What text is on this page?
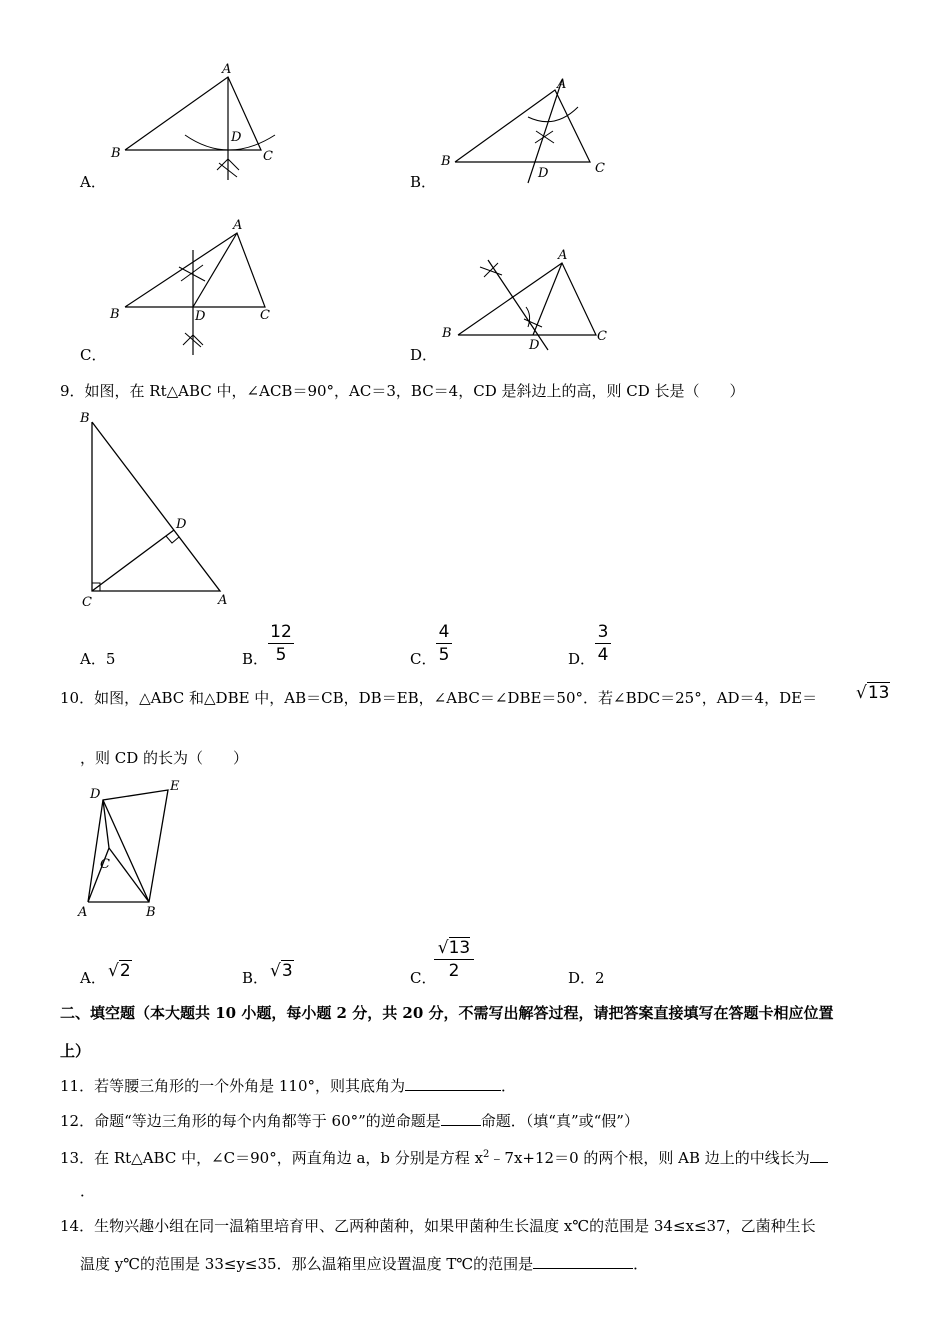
A
B	C
D
A．
A
B	C
D
B．
A
B	C
D
C．
A
B	C
D
D．
9．如图，在 Rt△ABC 中，∠ACB＝90°，AC＝3，BC＝4，CD 是斜边上的高，则 CD 长是（　　）
B
C	A
D
A．5	B．
12
5	C．
4
5	D．
3
4
10．如图，△ABC 和△DBE 中，AB＝CB，DB＝EB，∠ABC＝∠DBE＝50°．若∠BDC＝25°，AD＝4，DE＝ √13
，则 CD 的长为（　　）
D
E
C
A	B
A． √2	B． √3	C．
√13
2	D．2
二、填空题（本大题共 10 小题，每小题 2 分，共 20 分，不需写出解答过程，请把答案直接填写在答题卡相应位置
上）
11．若等腰三角形的一个外角是 110°，则其底角为	．
12．命题“等边三角形的每个内角都等于 60°”的逆命题是	命题．（填“真”或“假”）
13．在 Rt△ABC 中，∠C＝90°，两直角边 a，b 分别是方程 $x^2﹣7x+12=0$ 的两个根，则 AB 边上的中线长为
．
14．生物兴趣小组在同一温箱里培育甲、乙两种菌种，如果甲菌种生长温度 x℃的范围是 34≤x≤37，乙菌种生长
温度 y℃的范围是 33≤y≤35．那么温箱里应设置温度 T℃的范围是	．
